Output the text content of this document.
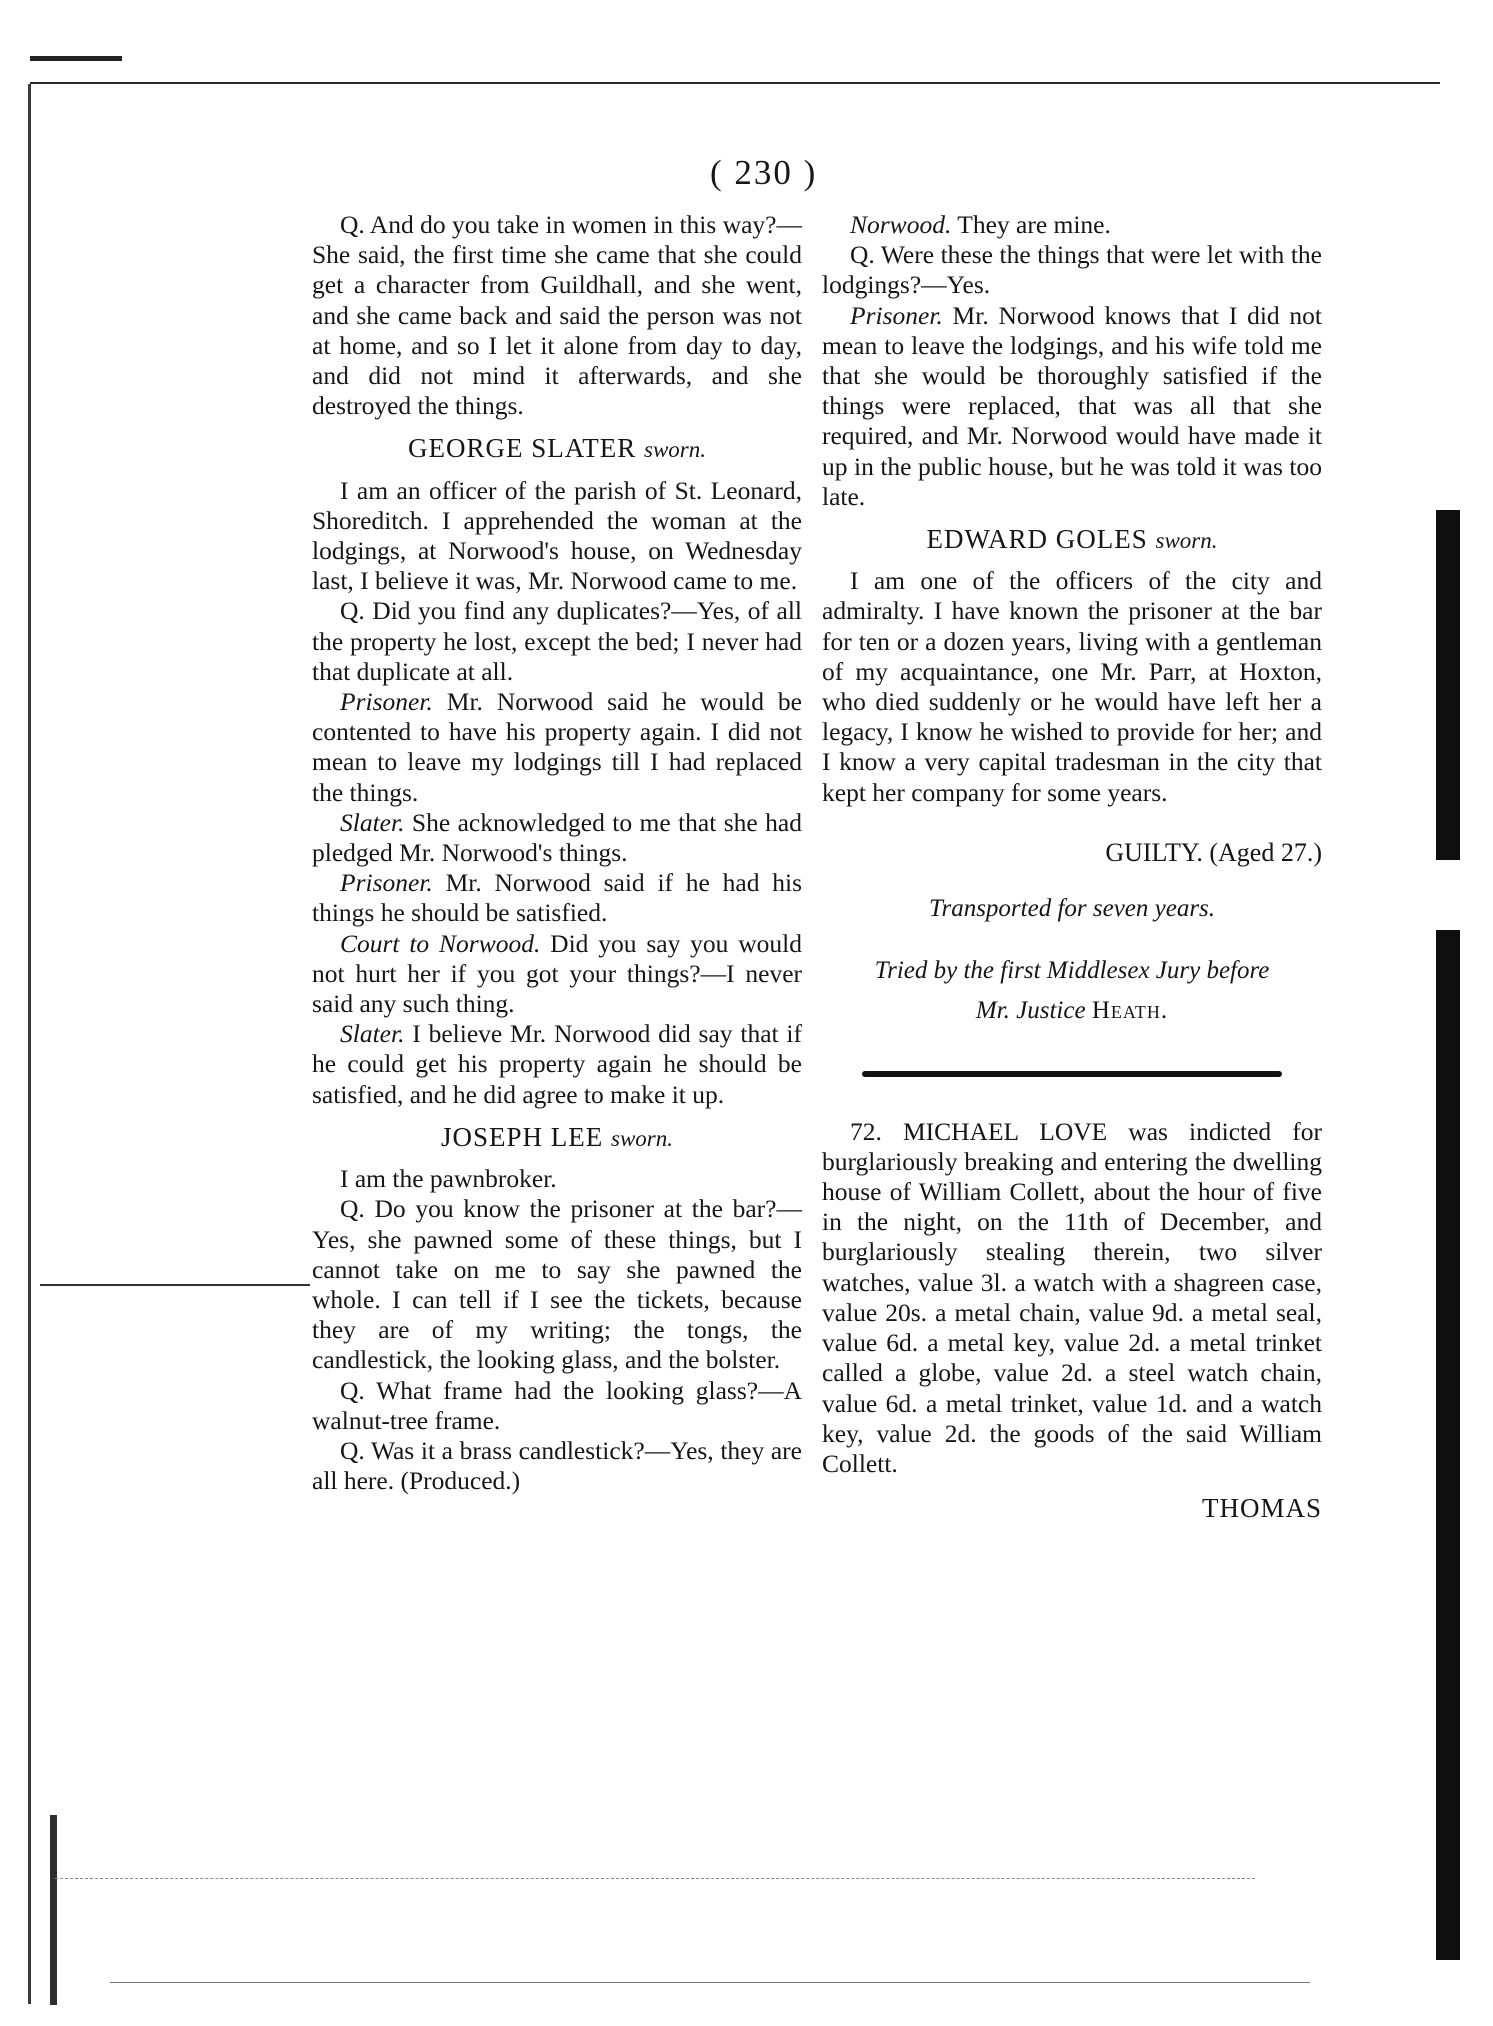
( 230 )

Q. And do you take in women in this way?—She said, the first time she came that she could get a character from Guildhall, and she went, and she came back and said the person was not at home, and so I let it alone from day to day, and did not mind it afterwards, and she destroyed the things.

GEORGE SLATER sworn.

I am an officer of the parish of St. Leonard, Shoreditch. I apprehended the woman at the lodgings, at Norwood's house, on Wednesday last, I believe it was, Mr. Norwood came to me.

Q. Did you find any duplicates?—Yes, of all the property he lost, except the bed; I never had that duplicate at all.

Prisoner. Mr. Norwood said he would be contented to have his property again. I did not mean to leave my lodgings till I had replaced the things.

Slater. She acknowledged to me that she had pledged Mr. Norwood's things.

Prisoner. Mr. Norwood said if he had his things he should be satisfied.

Court to Norwood. Did you say you would not hurt her if you got your things?—I never said any such thing.

Slater. I believe Mr. Norwood did say that if he could get his property again he should be satisfied, and he did agree to make it up.

JOSEPH LEE sworn.

I am the pawnbroker.

Q. Do you know the prisoner at the bar?—Yes, she pawned some of these things, but I cannot take on me to say she pawned the whole. I can tell if I see the tickets, because they are of my writing; the tongs, the candlestick, the looking glass, and the bolster.

Q. What frame had the looking glass?—A walnut-tree frame.

Q. Was it a brass candlestick?—Yes, they are all here. (Produced.)

Norwood. They are mine.

Q. Were these the things that were let with the lodgings?—Yes.

Prisoner. Mr. Norwood knows that I did not mean to leave the lodgings, and his wife told me that she would be thoroughly satisfied if the things were replaced, that was all that she required, and Mr. Norwood would have made it up in the public house, but he was told it was too late.

EDWARD GOLES sworn.

I am one of the officers of the city and admiralty. I have known the prisoner at the bar for ten or a dozen years, living with a gentleman of my acquaintance, one Mr. Parr, at Hoxton, who died suddenly or he would have left her a legacy, I know he wished to provide for her; and I know a very capital tradesman in the city that kept her company for some years.

GUILTY. (Aged 27.)
Transported for seven years.
Tried by the first Middlesex Jury before
Mr. Justice Heath.

72. MICHAEL LOVE was indicted for burglariously breaking and entering the dwelling house of William Collett, about the hour of five in the night, on the 11th of December, and burglariously stealing therein, two silver watches, value 3l. a watch with a shagreen case, value 20s. a metal chain, value 9d. a metal seal, value 6d. a metal key, value 2d. a metal trinket called a globe, value 2d. a steel watch chain, value 6d. a metal trinket, value 1d. and a watch key, value 2d. the goods of the said William Collett.

THOMAS
